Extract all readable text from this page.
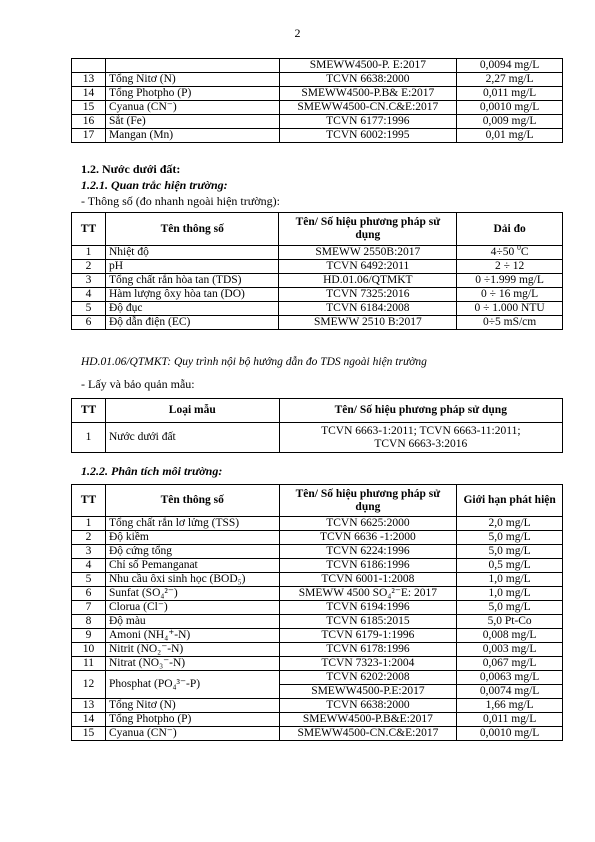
2
		SMEWW4500-P. E:2017	0,0094 mg/L
13	Tổng Nitơ (N)	TCVN 6638:2000	2,27 mg/L
14	Tổng Photpho (P)	SMEWW4500-P.B& E:2017	0,011 mg/L
15	Cyanua (CN⁻)	SMEWW4500-CN.C&E:2017	0,0010 mg/L
16	Sắt (Fe)	TCVN 6177:1996	0,009 mg/L
17	Mangan (Mn)	TCVN 6002:1995	0,01 mg/L
1.2. Nước dưới đất:
1.2.1. Quan trắc hiện trường:
- Thông số (đo nhanh ngoài hiện trường):
TT	Tên thông số	Tên/ Số hiệu phương pháp sử dụng	Dải đo
1	Nhiệt độ	SMEWW 2550B:2017	4÷50 $^0$C
2	pH	TCVN 6492:2011	2 ÷ 12
3	Tổng chất rắn hòa tan (TDS)	HD.01.06/QTMKT	0 ÷1.999 mg/L
4	Hàm lượng ôxy hòa tan (DO)	TCVN 7325:2016	0 ÷ 16 mg/L
5	Độ đục	TCVN 6184:2008	0 ÷ 1.000 NTU
6	Độ dẫn điện (EC)	SMEWW 2510 B:2017	0÷5 mS/cm
HD.01.06/QTMKT: Quy trình nội bộ hướng dẫn đo TDS ngoài hiện trường
- Lấy và bảo quản mẫu:
TT	Loại mẫu	Tên/ Số hiệu phương pháp sử dụng
1	Nước dưới đất	TCVN 6663-1:2011; TCVN 6663-11:2011;
TCVN 6663-3:2016
1.2.2. Phân tích môi trường:
TT	Tên thông số	Tên/ Số hiệu phương pháp sử dụng	Giới hạn phát hiện
1	Tổng chất rắn lơ lửng (TSS)	TCVN 6625:2000	2,0 mg/L
2	Độ kiềm	TCVN 6636 -1:2000	5,0 mg/L
3	Độ cứng tổng	TCVN 6224:1996	5,0 mg/L
4	Chỉ số Pemanganat	TCVN 6186:1996	0,5 mg/L
5	Nhu cầu ôxi sinh học (BOD₅)	TCVN 6001-1:2008	1,0 mg/L
6	Sunfat (SO₄²⁻)	SMEWW 4500 SO₄²⁻E: 2017	1,0 mg/L
7	Clorua (Cl⁻)	TCVN 6194:1996	5,0 mg/L
8	Độ màu	TCVN 6185:2015	5,0 Pt-Co
9	Amoni (NH₄⁺-N)	TCVN 6179-1:1996	0,008 mg/L
10	Nitrit (NO₂⁻-N)	TCVN 6178:1996	0,003 mg/L
11	Nitrat (NO₃⁻-N)	TCVN 7323-1:2004	0,067 mg/L
12	Phosphat (PO₄³⁻-P)	TCVN 6202:2008	0,0063 mg/L
		SMEWW4500-P.E:2017	0,0074 mg/L
13	Tổng Nitơ (N)	TCVN 6638:2000	1,66 mg/L
14	Tổng Photpho (P)	SMEWW4500-P.B&E:2017	0,011 mg/L
15	Cyanua (CN⁻)	SMEWW4500-CN.C&E:2017	0,0010 mg/L
